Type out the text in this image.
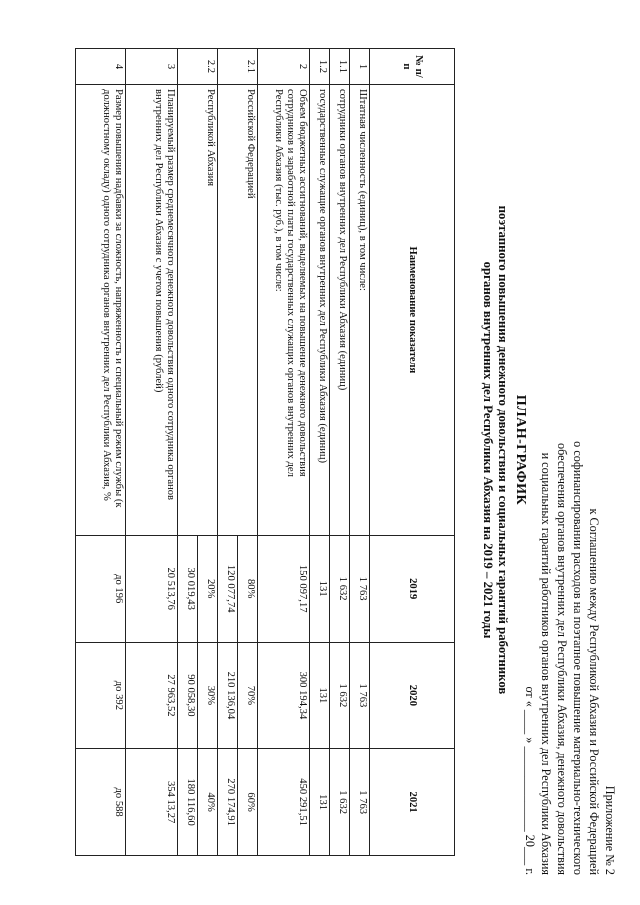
Приложение № 2
к Соглашению между Республикой Абхазия и Российской Федерацией
о софинансировании расходов на поэтапное повышение материально-технического
обеспечения органов внутренних дел Республики Абхазия, денежного довольствия
и социальных гарантий работников органов внутренних дел Республики Абхазия
от « ____ » ______________ 20___ г.
ПЛАН-ГРАФИК
поэтапного повышения денежного довольствия и социальных гарантий работников
органов внутренних дел Республики Абхазия на 2019 – 2021 годы
№ п/п	Наименование показателя	2019	2020	2021
1	Штатная численность (единиц), в том числе:	1 763	1 763	1 763
1.1	сотрудники органов внутренних дел Республики Абхазия (единиц)	1 632	1 632	1 632
1.2	государственные служащие органов внутренних дел Республики Абхазия (единиц)	131	131	131
2	Объем бюджетных ассигнований, выделяемых на повышение денежного довольствия сотрудников и заработной платы государственных служащих органов внутренних дел Республики Абхазия (тыс. руб.), в том числе:	150 097,17	300 194,34	450 291,51
2.1	Российской Федерацией	80%	70%	60%
		120 077,74	210 136,04	270 174,91
2.2	Республикой Абхазия	20%	30%	40%
		30 019,43	90 058,30	180 116,60
3	Планируемый размер среднемесячного денежного довольствия одного сотрудника органов внутренних дел Республики Абхазия с учетом повышения (рублей)	20 513,76	27 963,52	354 13,27
4	Размер повышения надбавки за сложность, напряженность и специальный режим службы (к должностному окладу) одного сотрудника органов внутренних дел Республики Абхазия, %	до 196	до 392	до 588
